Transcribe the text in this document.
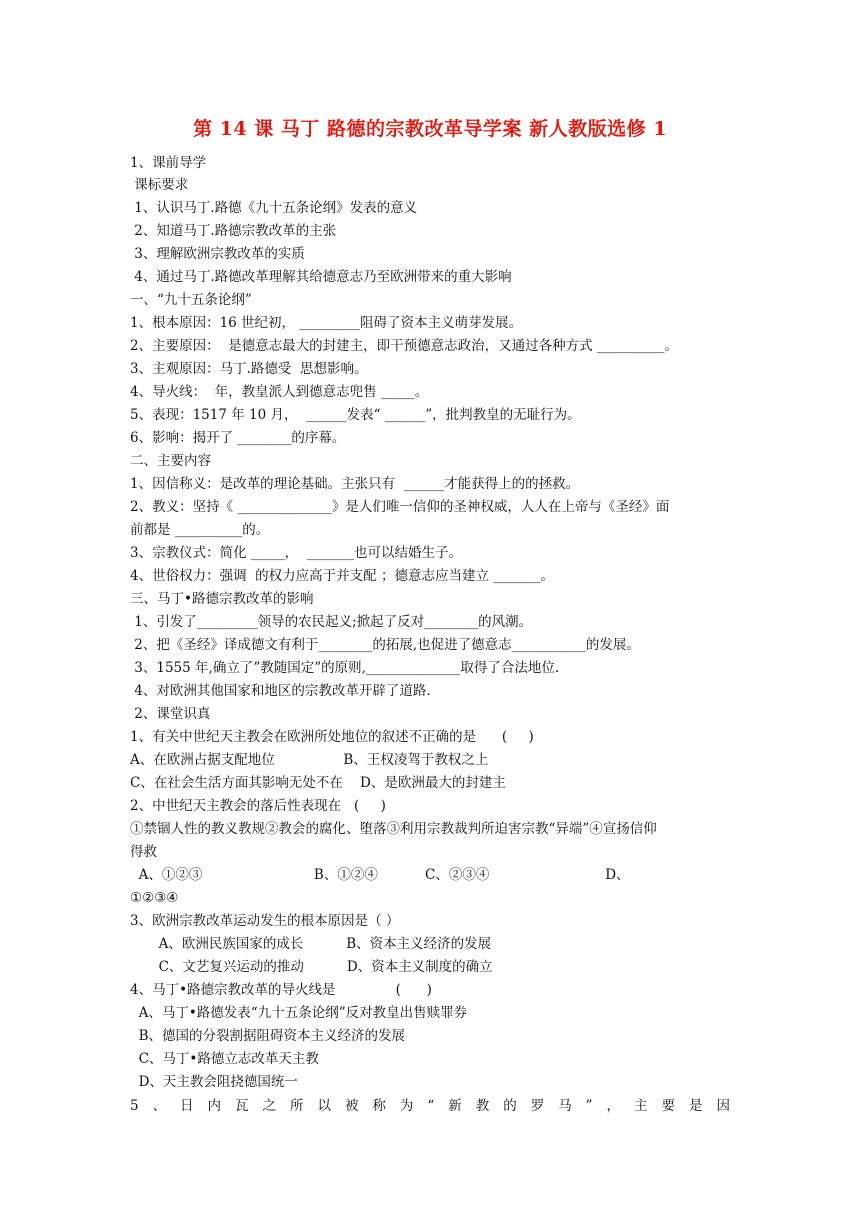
第 14 课 马丁 路德的宗教改革导学案 新人教版选修 1
1、课前导学
课标要求
1、认识马丁.路德《九十五条论纲》发表的意义
2、知道马丁.路德宗教改革的主张
3、理解欧洲宗教改革的实质
4、通过马丁.路德改革理解其给德意志乃至欧洲带来的重大影响
一、“九十五条论纲”
1、根本原因：16 世纪初， _________阻碍了资本主义萌芽发展。
2、主要原因：  是德意志最大的封建主，即干预德意志政治，又通过各种方式 __________。
3、主观原因：马丁.路德受  思想影响。
4、导火线：  年，教皇派人到德意志兜售 _____。
5、表现：1517 年 10 月，  ______发表“ ______”，批判教皇的无耻行为。
6、影响：揭开了 ________的序幕。
二、主要内容
1、因信称义：是改革的理论基础。主张只有  ______才能获得上的的拯救。
2、教义：坚持《 ______________》是人们唯一信仰的圣神权威，人人在上帝与《圣经》面
前都是 __________的。
3、宗教仪式：简化 _____，  _______也可以结婚生子。
4、世俗权力：强调  的权力应高于并支配 ；德意志应当建立 _______。
三、马丁•路德宗教改革的影响
1、引发了_________领导的农民起义;掀起了反对________的风潮。
2、把《圣经》译成德文有利于________的拓展,也促进了德意志___________的发展。
3、1555 年,确立了”教随国定”的原则,______________取得了合法地位.
4、对欧洲其他国家和地区的宗教改革开辟了道路.
2、课堂识真
1、有关中世纪天主教会在欧洲所处地位的叙述不正确的是      (     )
A、在欧洲占据支配地位                B、王权凌驾于教权之上
C、在社会生活方面其影响无处不在    D、是欧洲最大的封建主
2、中世纪天主教会的落后性表现在   (     )
①禁锢人性的教义教规②教会的腐化、堕落③利用宗教裁判所迫害宗教“异端”④宣扬信仰
得救
A、①②③                          B、①②④           C、②③④                           D、
①②③④
3、欧洲宗教改革运动发生的根本原因是（ ）
A、欧洲民族国家的成长          B、资本主义经济的发展
C、文艺复兴运动的推动          D、资本主义制度的确立
4、马丁•路德宗教改革的导火线是              (      )
A、马丁•路德发表“九十五条论纲”反对教皇出售赎罪券
B、德国的分裂割据阻碍资本主义经济的发展
C、马丁•路德立志改革天主教
D、天主教会阻挠德国统一
5、日内瓦之所以被称为“新教的罗马”，主要是因
